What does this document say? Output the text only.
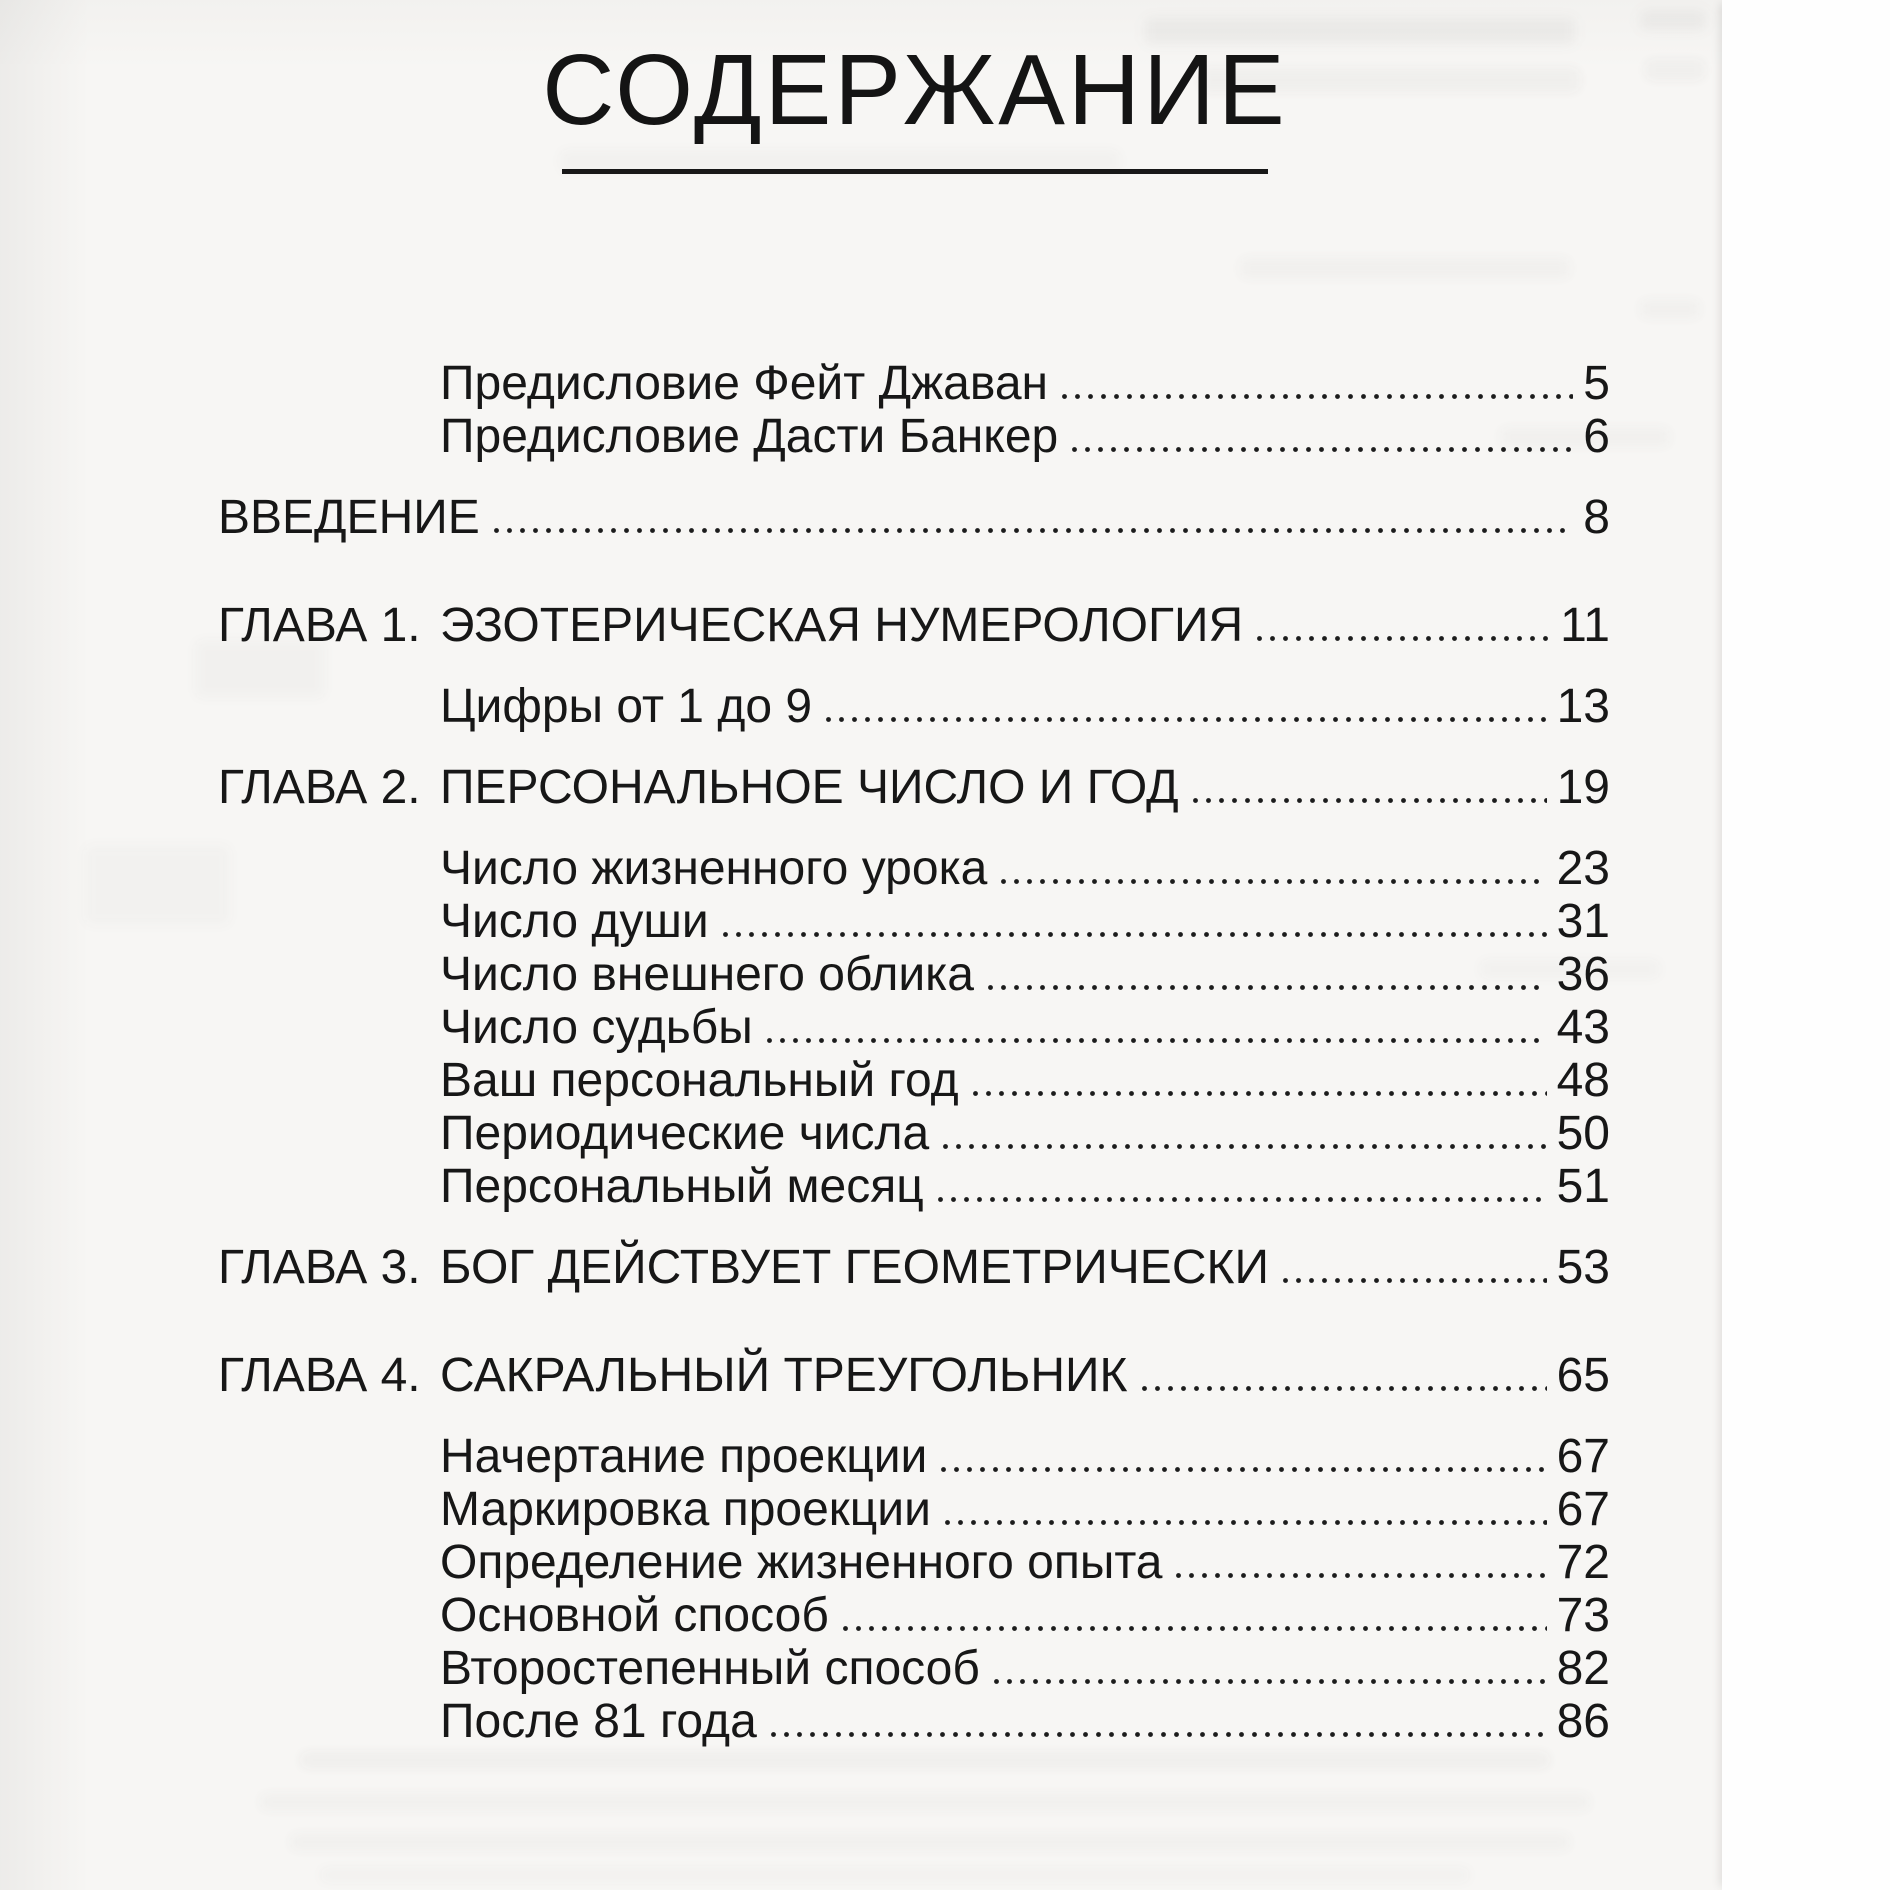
СОДЕРЖАНИЕ
Предисловие Фейт Джаван	5
Предисловие Дасти Банкер	6
ВВЕДЕНИЕ	8
ГЛАВА 1. ЭЗОТЕРИЧЕСКАЯ НУМЕРОЛОГИЯ	11
Цифры от 1 до 9	13
ГЛАВА 2. ПЕРСОНАЛЬНОЕ ЧИСЛО И ГОД	19
Число жизненного урока	23
Число души	31
Число внешнего облика	36
Число судьбы	43
Ваш персональный год	48
Периодические числа	50
Персональный месяц	51
ГЛАВА 3. БОГ ДЕЙСТВУЕТ ГЕОМЕТРИЧЕСКИ	53
ГЛАВА 4. САКРАЛЬНЫЙ ТРЕУГОЛЬНИК	65
Начертание проекции	67
Маркировка проекции	67
Определение жизненного опыта	72
Основной способ	73
Второстепенный способ	82
После 81 года	86
